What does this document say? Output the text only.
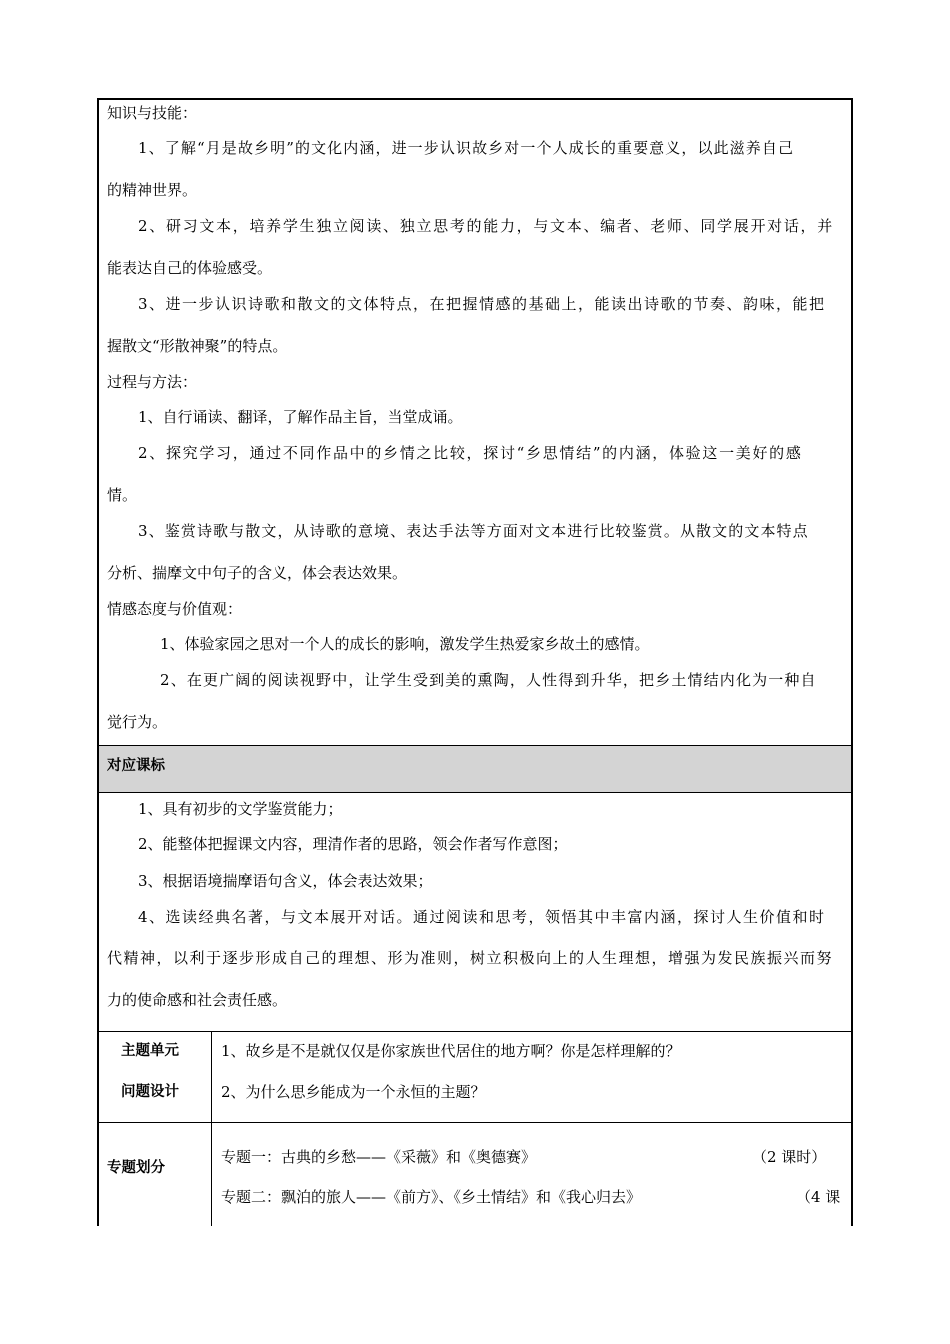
知识与技能：
1、了解“月是故乡明”的文化内涵，进一步认识故乡对一个人成长的重要意义，以此滋养自己
的精神世界。
2、研习文本，培养学生独立阅读、独立思考的能力，与文本、编者、老师、同学展开对话，并
能表达自己的体验感受。
3、进一步认识诗歌和散文的文体特点，在把握情感的基础上，能读出诗歌的节奏、韵味，能把
握散文“形散神聚”的特点。
过程与方法：
1、自行诵读、翻译，了解作品主旨，当堂成诵。
2、探究学习，通过不同作品中的乡情之比较，探讨“乡思情结”的内涵，体验这一美好的感
情。
3、鉴赏诗歌与散文，从诗歌的意境、表达手法等方面对文本进行比较鉴赏。从散文的文本特点
分析、揣摩文中句子的含义，体会表达效果。
情感态度与价值观：
1、体验家园之思对一个人的成长的影响，激发学生热爱家乡故土的感情。
2、在更广阔的阅读视野中，让学生受到美的熏陶，人性得到升华，把乡土情结内化为一种自
觉行为。
对应课标
1、具有初步的文学鉴赏能力；
2、能整体把握课文内容，理清作者的思路，领会作者写作意图；
3、根据语境揣摩语句含义，体会表达效果；
4、选读经典名著，与文本展开对话。通过阅读和思考，领悟其中丰富内涵，探讨人生价值和时
代精神，以利于逐步形成自己的理想、形为准则，树立积极向上的人生理想，增强为发民族振兴而努
力的使命感和社会责任感。
主题单元
问题设计
1、故乡是不是就仅仅是你家族世代居住的地方啊？你是怎样理解的？
2、为什么思乡能成为一个永恒的主题？
专题划分
专题一：古典的乡愁——《采薇》和《奥德赛》	（2 课时）
专题二：飘泊的旅人——《前方》、《乡土情结》和《我心归去》	（4 课
